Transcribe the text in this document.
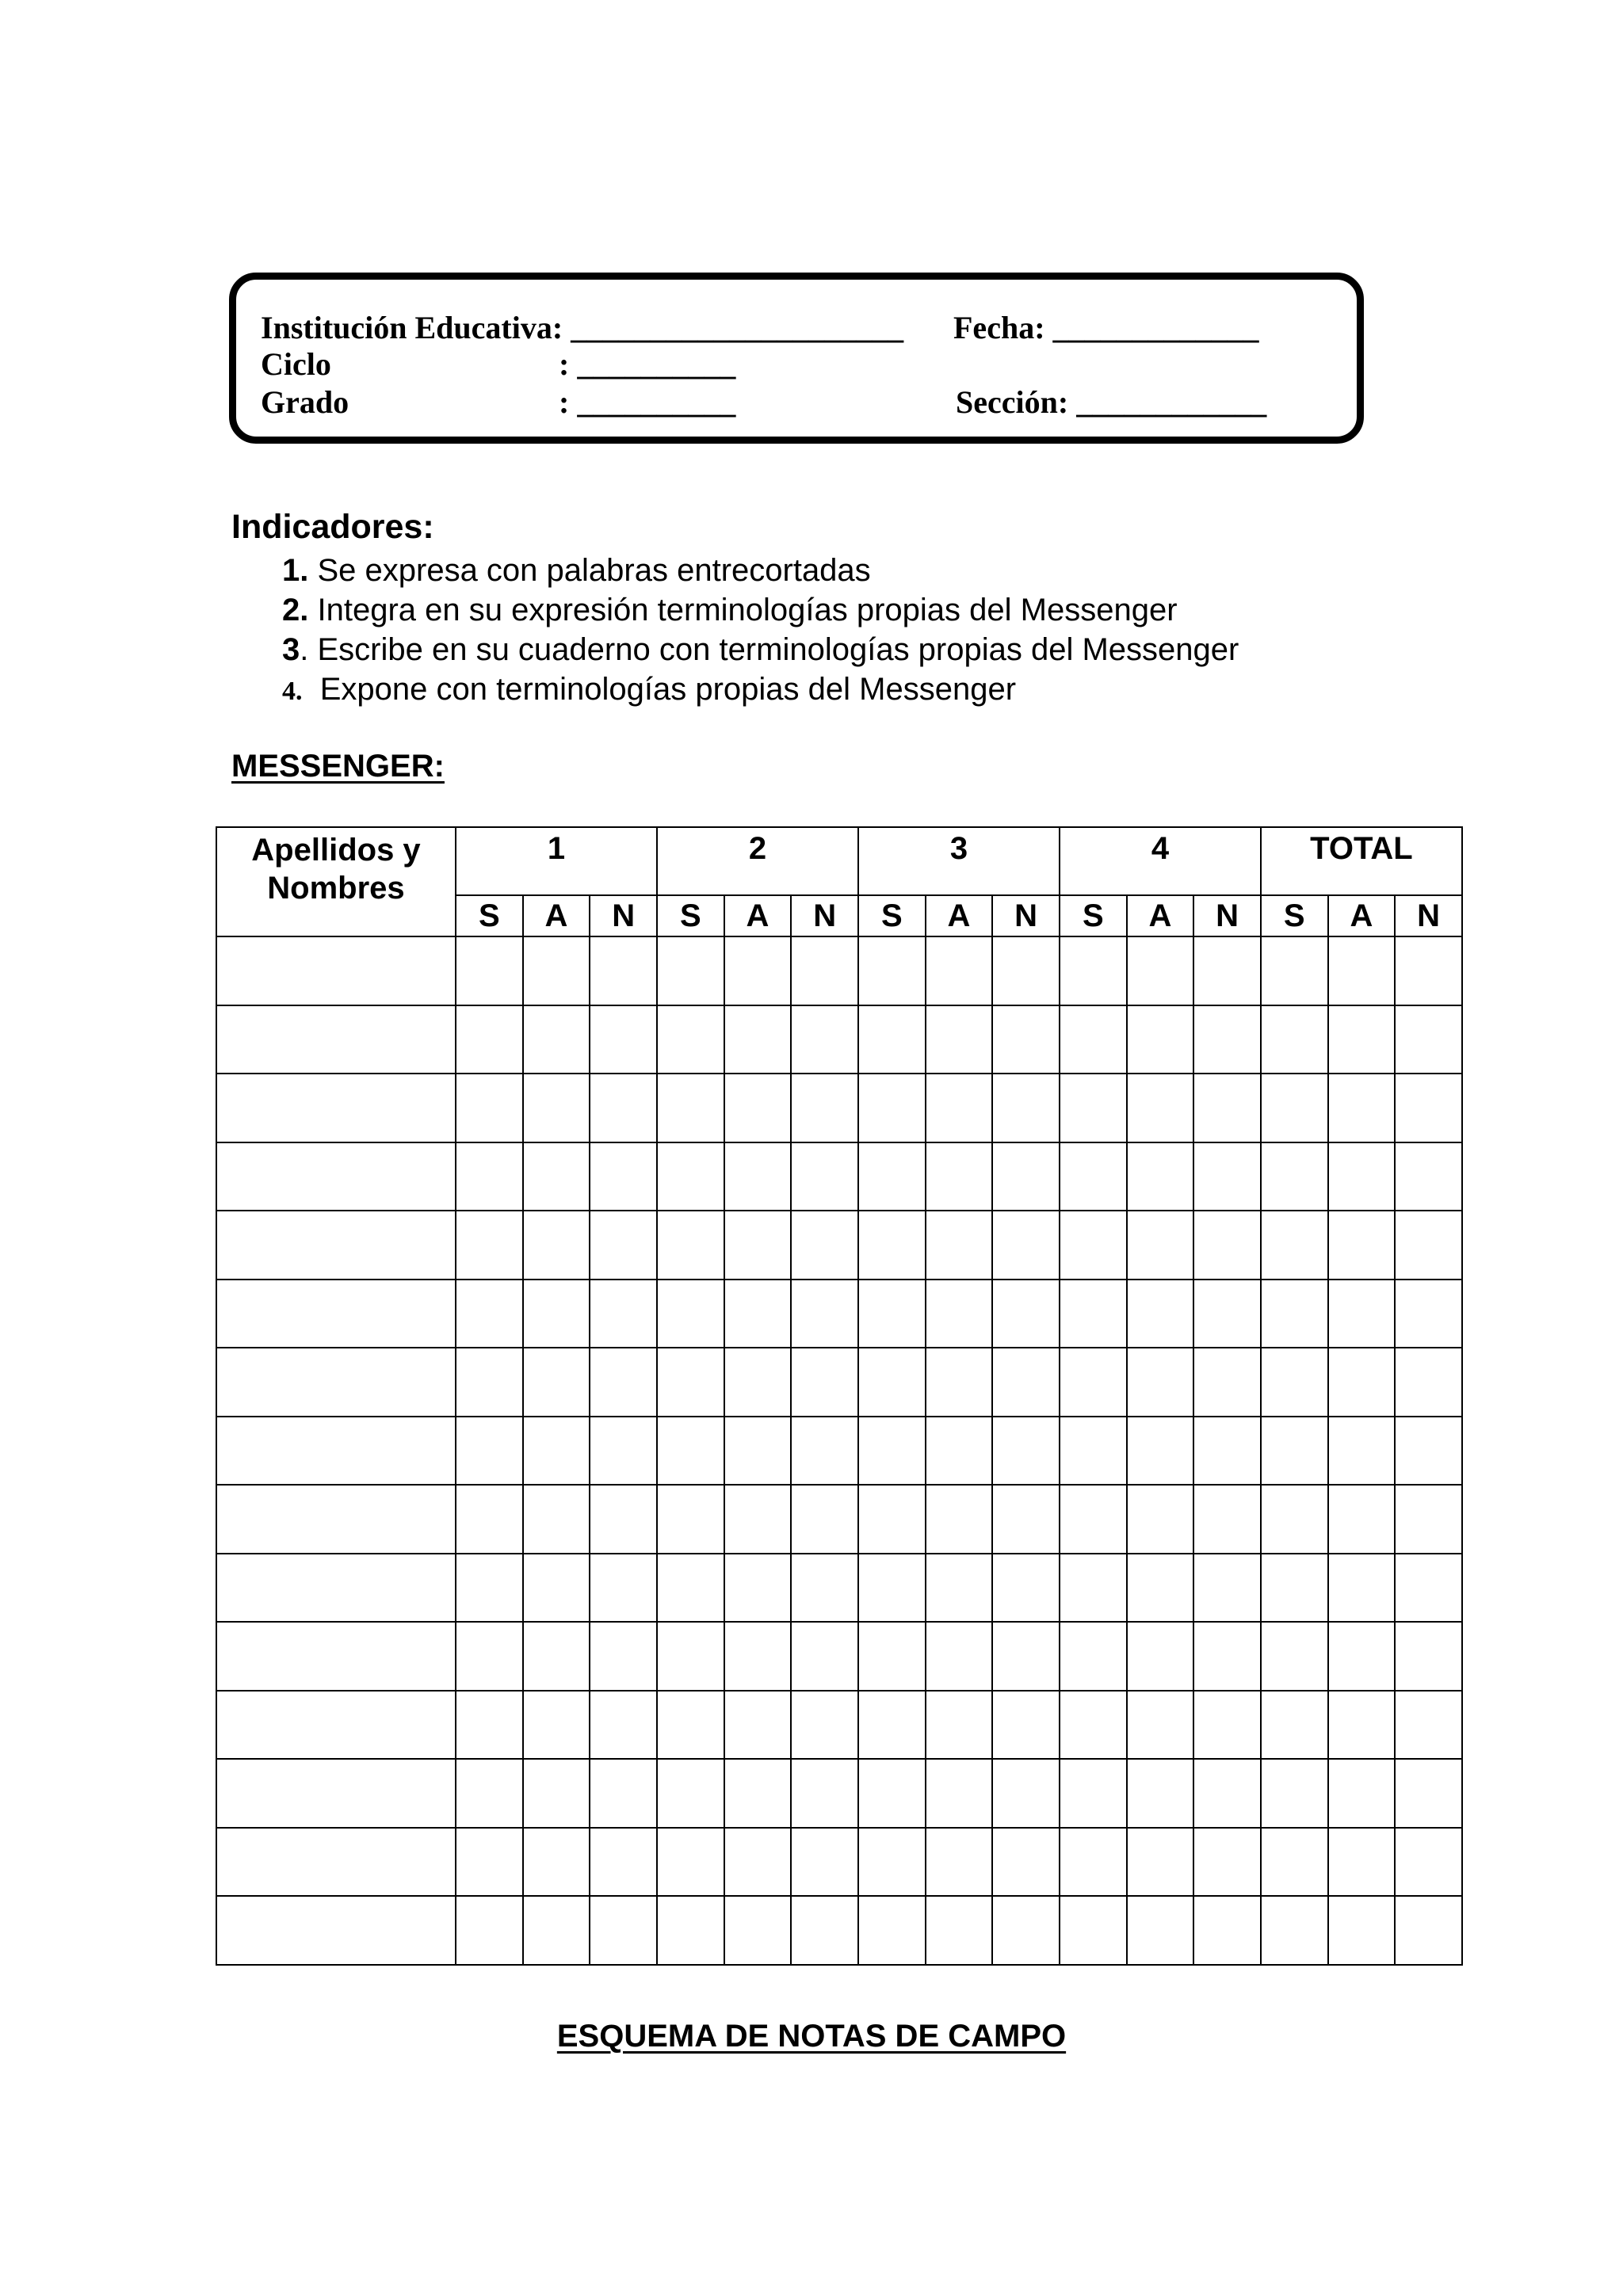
Institución Educativa: _____________________ Fecha: _____________
Ciclo	: __________
Grado	: __________	Sección: ____________
Indicadores:
1. Se expresa con palabras entrecortadas
2. Integra en su expresión terminologías propias del Messenger
3. Escribe en su cuaderno con terminologías propias del Messenger
4.  Expone con terminologías propias del Messenger
MESSENGER:
Apellidos y Nombres	1			2			3			4			TOTAL		
	S	A	N	S	A	N	S	A	N	S	A	N	S	A	N

ESQUEMA DE NOTAS DE CAMPO
